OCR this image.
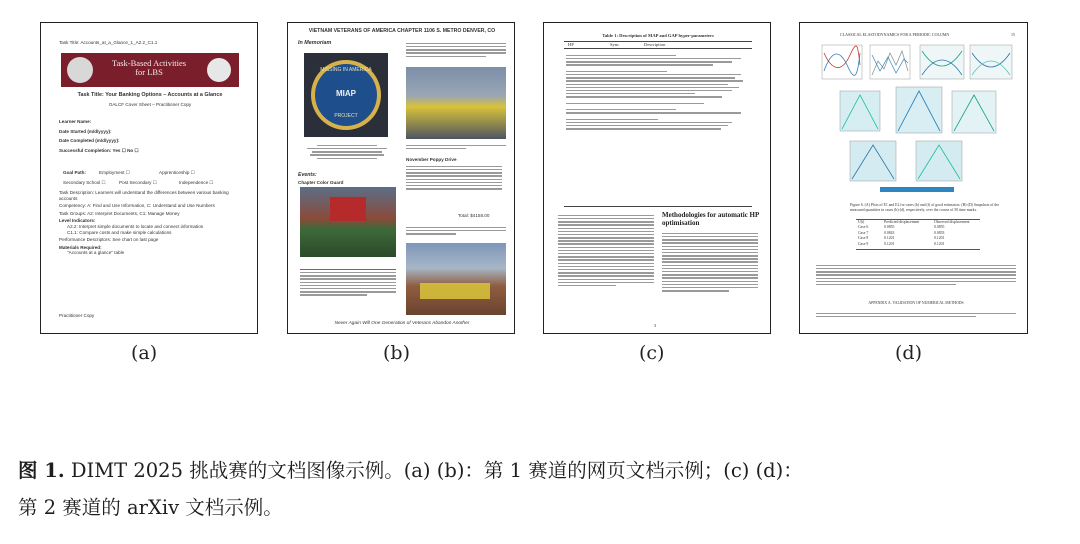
Task Title: Accounts_at_a_Glance_1_A2.2_C1.1
Task-Based Activities for LBS
Task Title: Your Banking Options – Accounts at a Glance
OALCF Cover Sheet – Practitioner Copy
Learner Name:
Date Started (m/d/yyyy):
Date Completed (m/d/yyyy):
Successful Completion: Yes ☐ No ☐
Goal Path:	Employment ☐	Apprenticeship ☐
Secondary School ☐	Post Secondary ☐	Independence ☐
Task Description: Learners will understand the differences between various banking accounts
Competency: A: Find and Use Information, C: Understand and Use Numbers
Task Groups: A2: Interpret Documents, C1: Manage Money
Level Indicators:
A2.2: Interpret simple documents to locate and connect information
C1.1: Compare costs and make simple calculations
Performance Descriptors: See chart on last page
Materials Required:
"Accounts at a glance" table
Practitioner Copy
VIETNAM VETERANS OF AMERICA CHAPTER 1106 S. METRO DENVER, CO
In Memoriam
MISSING IN AMERICA
MIAP
PROJECT
Events:
Chapter Color Guard
November Poppy Drive
Total: $4158.00
Never Again Will One Generation of Veterans Abandon Another
Table 1: Description of MAP and GAP hyper-parameters
HP	Sym.	Description
Methodologies for automatic HP optimisation
3
CLASSICAL ELASTODYNAMICS FOR A PERIODIC COLUMN	15
Figure 6. (A) Plots of E1 and E2 for cases (b) and (f) of good estimators. (B)-(D) Snapshots of the measured quantities in cases (b)-(d), respectively, over the course of 50 time marks.
U(t)	Predicted displacement	Observed displacement
Case 6	0.0855	0.0855
Case 7	0.0843	0.0833
Case 8	0.1201	0.1201
Case 9	0.1201	0.1201
APPENDIX A. VALIDATION OF NUMERICAL METHODS
(a)	(b)	(c)	(d)
图 1. DIMT 2025 挑战赛的文档图像示例。(a) (b)：第 1 赛道的网页文档示例；(c) (d)：
第 2 赛道的 arXiv 文档示例。
